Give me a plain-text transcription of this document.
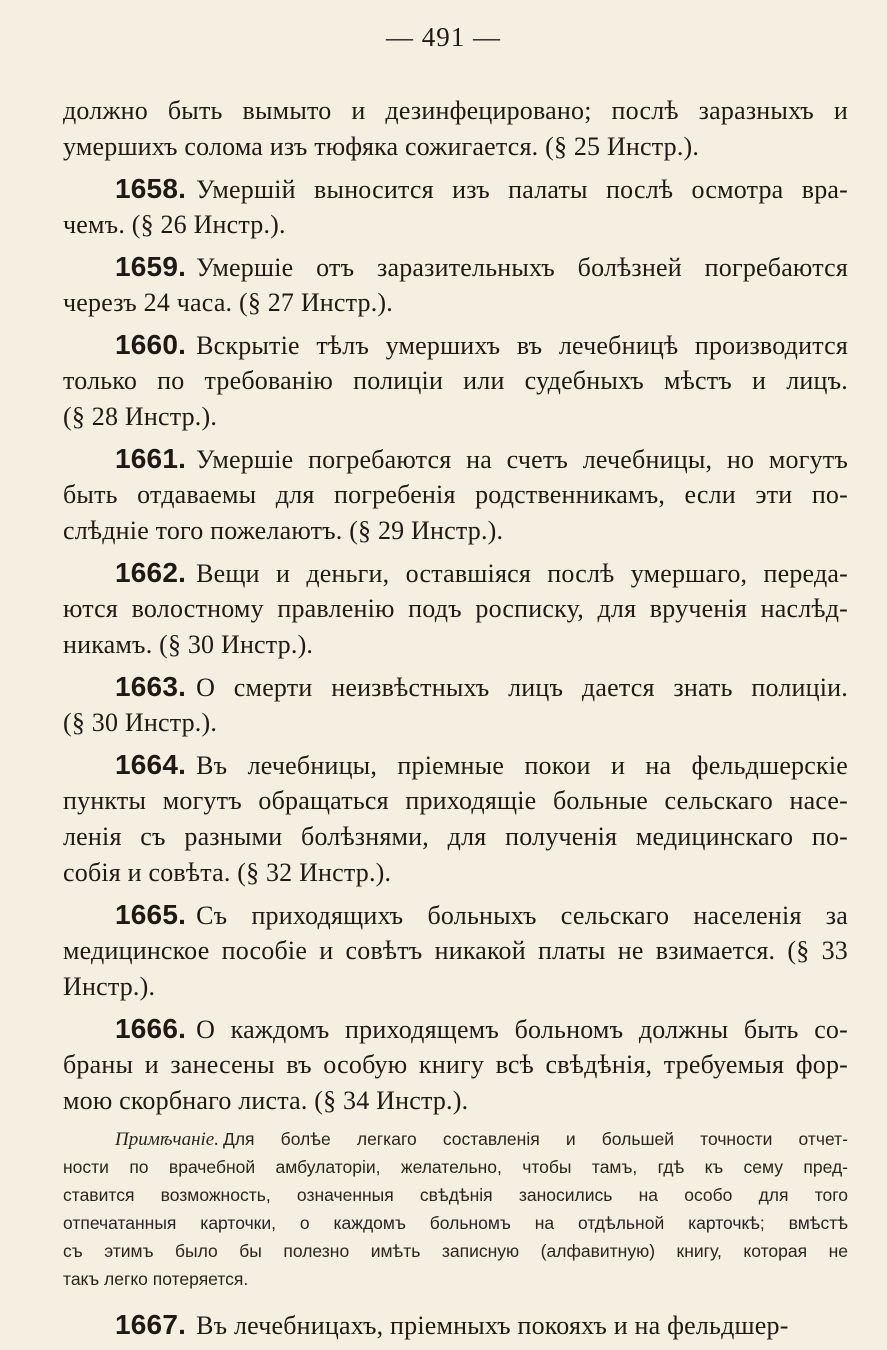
— 491 —
должно быть вымыто и дезинфецировано; послѣ заразныхъ и
умершихъ солома изъ тюфяка сожигается. (§ 25 Инстр.).
1658. Умершій выносится изъ палаты послѣ осмотра вра-
чемъ. (§ 26 Инстр.).
1659. Умершіе отъ заразительныхъ болѣзней погребаются
черезъ 24 часа. (§ 27 Инстр.).
1660. Вскрытіе тѣлъ умершихъ въ лечебницѣ производится
только по требованію полиціи или судебныхъ мѣстъ и лицъ.
(§ 28 Инстр.).
1661. Умершіе погребаются на счетъ лечебницы, но могутъ
быть отдаваемы для погребенія родственникамъ, если эти по-
слѣдніе того пожелаютъ. (§ 29 Инстр.).
1662. Вещи и деньги, оставшіяся послѣ умершаго, переда-
ются волостному правленію подъ росписку, для врученія наслѣд-
никамъ. (§ 30 Инстр.).
1663. О смерти неизвѣстныхъ лицъ дается знать полиціи.
(§ 30 Инстр.).
1664. Въ лечебницы, пріемные покои и на фельдшерскіе
пункты могутъ обращаться приходящіе больные сельскаго насе-
ленія съ разными болѣзнями, для полученія медицинскаго по-
собія и совѣта. (§ 32 Инстр.).
1665. Съ приходящихъ больныхъ сельскаго населенія за
медицинское пособіе и совѣтъ никакой платы не взимается. (§ 33
Инстр.).
1666. О каждомъ приходящемъ больномъ должны быть со-
браны и занесены въ особую книгу всѣ свѣдѣнія, требуемыя фор-
мою скорбнаго листа. (§ 34 Инстр.).
Примѣчаніе. Для болѣе легкаго составленія и большей точности отчет-
ности по врачебной амбулаторіи, желательно, чтобы тамъ, гдѣ къ сему пред-
ставится возможность, означенныя свѣдѣнія заносились на особо для того
отпечатанныя карточки, о каждомъ больномъ на отдѣльной карточкѣ; вмѣстѣ
съ этимъ было бы полезно имѣть записную (алфавитную) книгу, которая не
такъ легко потеряется.
1667. Въ лечебницахъ, пріемныхъ покояхъ и на фельдшер-
